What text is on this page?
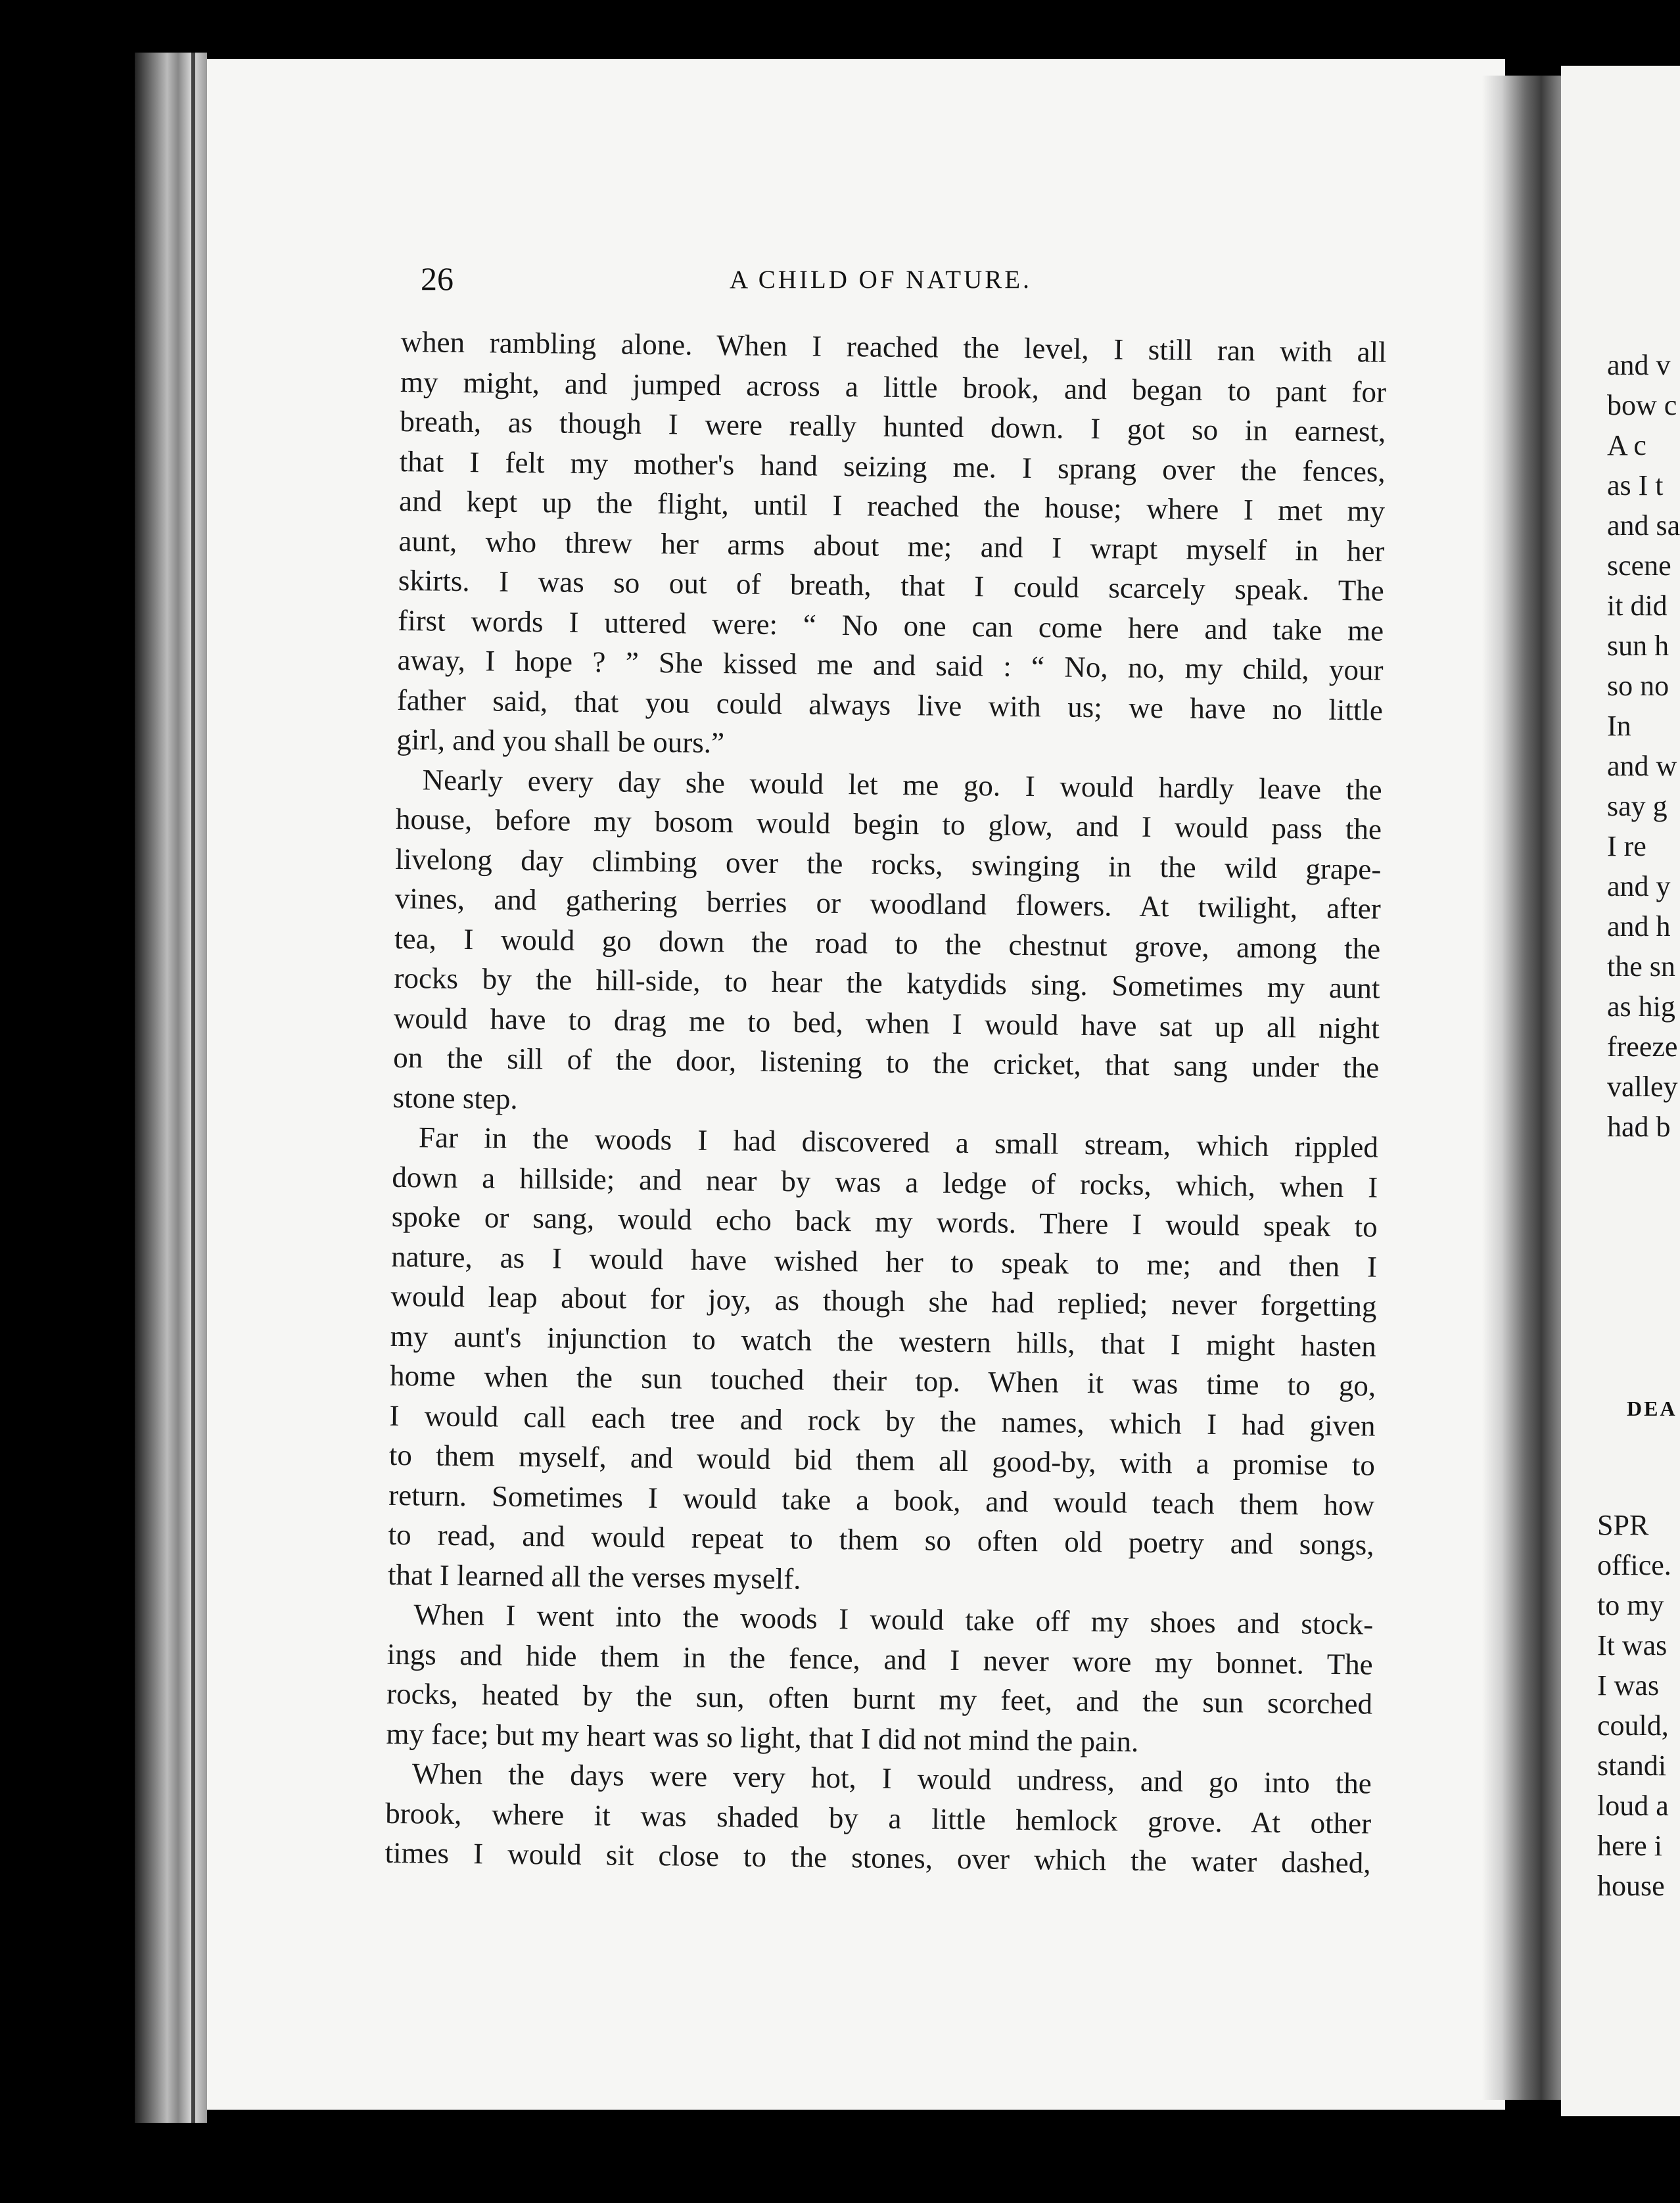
26	A CHILD OF NATURE.
when rambling alone. When I reached the level, I still ran with all
my might, and jumped across a little brook, and began to pant for
breath, as though I were really hunted down. I got so in earnest,
that I felt my mother's hand seizing me. I sprang over the fences,
and kept up the flight, until I reached the house; where I met my
aunt, who threw her arms about me; and I wrapt myself in her
skirts. I was so out of breath, that I could scarcely speak. The
first words I uttered were: “ No one can come here and take me
away, I hope ? ” She kissed me and said : “ No, no, my child, your
father said, that you could always live with us; we have no little
girl, and you shall be ours.”
Nearly every day she would let me go. I would hardly leave the
house, before my bosom would begin to glow, and I would pass the
livelong day climbing over the rocks, swinging in the wild grape-
vines, and gathering berries or woodland flowers. At twilight, after
tea, I would go down the road to the chestnut grove, among the
rocks by the hill-side, to hear the katydids sing. Sometimes my aunt
would have to drag me to bed, when I would have sat up all night
on the sill of the door, listening to the cricket, that sang under the
stone step.
Far in the woods I had discovered a small stream, which rippled
down a hillside; and near by was a ledge of rocks, which, when I
spoke or sang, would echo back my words. There I would speak to
nature, as I would have wished her to speak to me; and then I
would leap about for joy, as though she had replied; never forgetting
my aunt's injunction to watch the western hills, that I might hasten
home when the sun touched their top. When it was time to go,
I would call each tree and rock by the names, which I had given
to them myself, and would bid them all good-by, with a promise to
return. Sometimes I would take a book, and would teach them how
to read, and would repeat to them so often old poetry and songs,
that I learned all the verses myself.
When I went into the woods I would take off my shoes and stock-
ings and hide them in the fence, and I never wore my bonnet. The
rocks, heated by the sun, often burnt my feet, and the sun scorched
my face; but my heart was so light, that I did not mind the pain.
When the days were very hot, I would undress, and go into the
brook, where it was shaded by a little hemlock grove. At other
times I would sit close to the stones, over which the water dashed,
and v
bow c
A c
as I t
and sa
scene
it did
sun h
so no
In
and w
say g
I re
and y
and h
the sn
as hig
freeze
valley
had b
DEA
SPR
office.
to my
It was
I was
could,
standi
loud a
here i
house
